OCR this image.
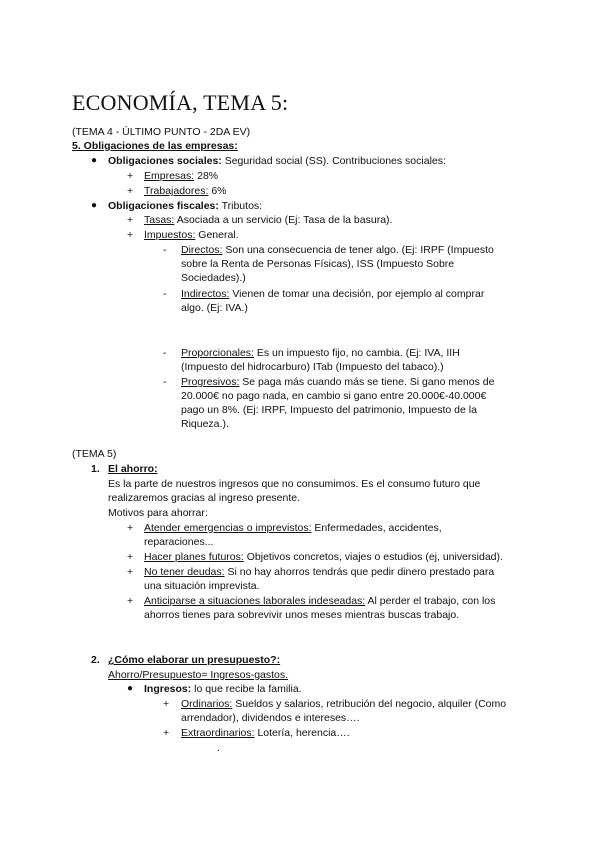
ECONOMÍA, TEMA 5:
(TEMA 4 - ÚLTIMO PUNTO - 2DA EV)
5. Obligaciones de las empresas:
● Obligaciones sociales: Seguridad social (SS). Contribuciones sociales:
+ Empresas: 28%
+ Trabajadores: 6%
● Obligaciones fiscales: Tributos:
+ Tasas: Asociada a un servicio (Ej: Tasa de la basura).
+ Impuestos: General.
- Directos: Son una consecuencia de tener algo. (Ej: IRPF (Impuesto
sobre la Renta de Personas Físicas), ISS (Impuesto Sobre
Sociedades).)
- Indirectos: Vienen de tomar una decisión, por ejemplo al comprar
algo. (Ej: IVA.)
- Proporcionales: Es un impuesto fijo, no cambia. (Ej: IVA, IIH
(Impuesto del hidrocarburo) ITab (Impuesto del tabaco).)
- Progresivos: Se paga más cuando más se tiene. Si gano menos de
20.000€ no pago nada, en cambio si gano entre 20.000€-40.000€
pago un 8%. (Ej: IRPF, Impuesto del patrimonio, Impuesto de la
Riqueza.).
(TEMA 5)
1. El ahorro:
Es la parte de nuestros ingresos que no consumimos. Es el consumo futuro que
realizaremos gracias al ingreso presente.
Motivos para ahorrar:
+ Atender emergencias o imprevistos: Enfermedades, accidentes,
reparaciones...
+ Hacer planes futuros: Objetivos concretos, viajes o estudios (ej, universidad).
+ No tener deudas: Si no hay ahorros tendrás que pedir dinero prestado para
una situación imprevista.
+ Anticiparse a situaciones laborales indeseadas: Al perder el trabajo, con los
ahorros tienes para sobrevivir unos meses mientras buscas trabajo.
2. ¿Cómo elaborar un presupuesto?:
Ahorro/Presupuesto= Ingresos-gastos.
● Ingresos: lo que recibe la familia.
+ Ordinarios: Sueldos y salarios, retribución del negocio, alquiler (Como
arrendador), dividendos e intereses….
+ Extraordinarios: Lotería, herencia….
.
